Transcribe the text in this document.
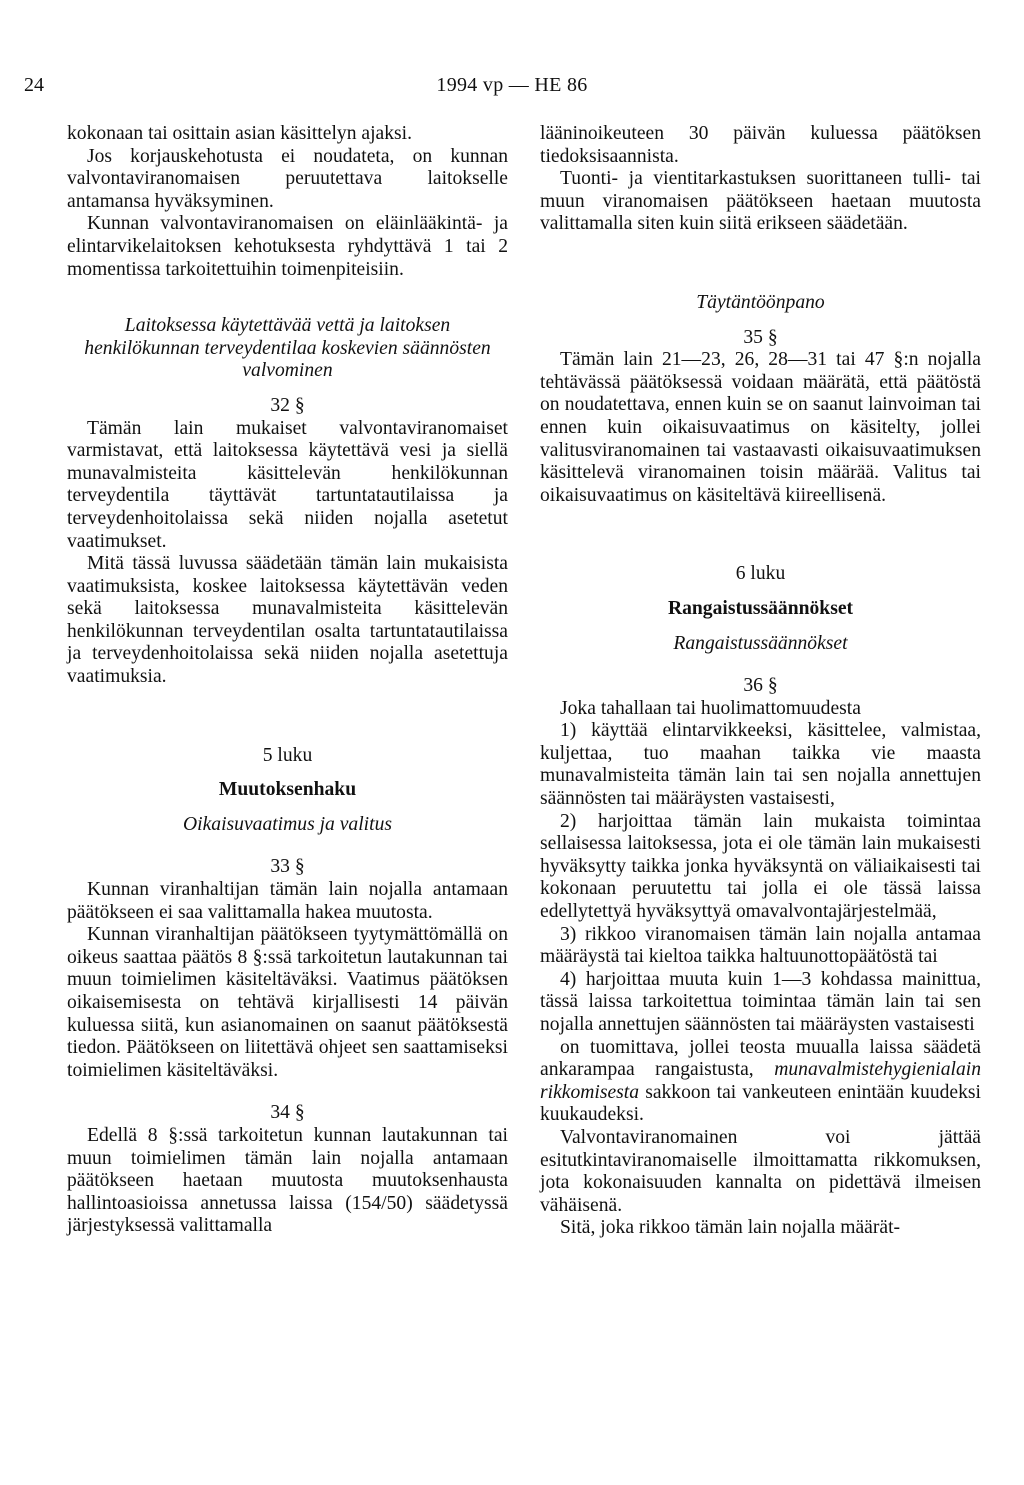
24	1994 vp — HE 86

kokonaan tai osittain asian käsittelyn ajaksi.

Jos korjauskehotusta ei noudateta, on kunnan valvontaviranomaisen peruutettava laitokselle antamansa hyväksyminen.

Kunnan valvontaviranomaisen on eläinlääkintä- ja elintarvikelaitoksen kehotuksesta ryhdyttävä 1 tai 2 momentissa tarkoitettuihin toimenpiteisiin.

Laitoksessa käytettävää vettä ja laitoksen henkilökunnan terveydentilaa koskevien säännösten valvominen

32 §

Tämän lain mukaiset valvontaviranomaiset varmistavat, että laitoksessa käytettävä vesi ja siellä munavalmisteita käsittelevän henkilökunnan terveydentila täyttävät tartuntatautilaissa ja terveydenhoitolaissa sekä niiden nojalla asetetut vaatimukset.

Mitä tässä luvussa säädetään tämän lain mukaisista vaatimuksista, koskee laitoksessa käytettävän veden sekä laitoksessa munavalmisteita käsittelevän henkilökunnan terveydentilan osalta tartuntatautilaissa ja terveydenhoitolaissa sekä niiden nojalla asetettuja vaatimuksia.

5 luku

Muutoksenhaku

Oikaisuvaatimus ja valitus

33 §

Kunnan viranhaltijan tämän lain nojalla antamaan päätökseen ei saa valittamalla hakea muutosta.

Kunnan viranhaltijan päätökseen tyytymättömällä on oikeus saattaa päätös 8 §:ssä tarkoitetun lautakunnan tai muun toimielimen käsiteltäväksi. Vaatimus päätöksen oikaisemisesta on tehtävä kirjallisesti 14 päivän kuluessa siitä, kun asianomainen on saanut päätöksestä tiedon. Päätökseen on liitettävä ohjeet sen saattamiseksi toimielimen käsiteltäväksi.

34 §

Edellä 8 §:ssä tarkoitetun kunnan lautakunnan tai muun toimielimen tämän lain nojalla antamaan päätökseen haetaan muutosta muutoksenhausta hallintoasioissa annetussa laissa (154/50) säädetyssä järjestyksessä valittamalla

lääninoikeuteen 30 päivän kuluessa päätöksen tiedoksisaannista.

Tuonti- ja vientitarkastuksen suorittaneen tulli- tai muun viranomaisen päätökseen haetaan muutosta valittamalla siten kuin siitä erikseen säädetään.

Täytäntöönpano

35 §

Tämän lain 21—23, 26, 28—31 tai 47 §:n nojalla tehtävässä päätöksessä voidaan määrätä, että päätöstä on noudatettava, ennen kuin se on saanut lainvoiman tai ennen kuin oikaisuvaatimus on käsitelty, jollei valitusviranomainen tai vastaavasti oikaisuvaatimuksen käsittelevä viranomainen toisin määrää. Valitus tai oikaisuvaatimus on käsiteltävä kiireellisenä.

6 luku

Rangaistussäännökset

Rangaistussäännökset

36 §

Joka tahallaan tai huolimattomuudesta

1) käyttää elintarvikkeeksi, käsittelee, valmistaa, kuljettaa, tuo maahan taikka vie maasta munavalmisteita tämän lain tai sen nojalla annettujen säännösten tai määräysten vastaisesti,

2) harjoittaa tämän lain mukaista toimintaa sellaisessa laitoksessa, jota ei ole tämän lain mukaisesti hyväksytty taikka jonka hyväksyntä on väliaikaisesti tai kokonaan peruutettu tai jolla ei ole tässä laissa edellytettyä hyväksyttyä omavalvontajärjestelmää,

3) rikkoo viranomaisen tämän lain nojalla antamaa määräystä tai kieltoa taikka haltuunottopäätöstä tai

4) harjoittaa muuta kuin 1—3 kohdassa mainittua, tässä laissa tarkoitettua toimintaa tämän lain tai sen nojalla annettujen säännösten tai määräysten vastaisesti

on tuomittava, jollei teosta muualla laissa säädetä ankarampaa rangaistusta, munavalmistehygienialain rikkomisesta sakkoon tai vankeuteen enintään kuudeksi kuukaudeksi.

Valvontaviranomainen voi jättää esitutkintaviranomaiselle ilmoittamatta rikkomuksen, jota kokonaisuuden kannalta on pidettävä ilmeisen vähäisenä.

Sitä, joka rikkoo tämän lain nojalla määrät-
